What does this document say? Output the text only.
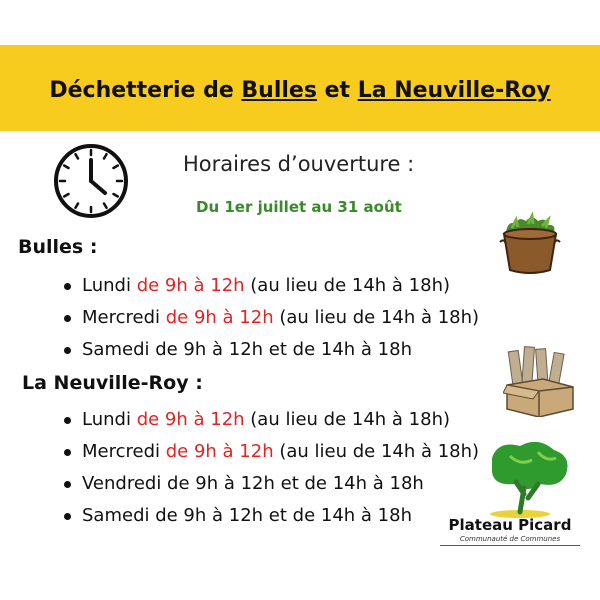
Déchetterie de Bulles et La Neuville-Roy
Horaires d’ouverture :
Du 1er juillet au 31 août
Bulles :
Lundi de 9h à 12h (au lieu de 14h à 18h)
Mercredi de 9h à 12h (au lieu de 14h à 18h)
Samedi de 9h à 12h et de 14h à 18h
La Neuville-Roy :
Lundi de 9h à 12h (au lieu de 14h à 18h)
Mercredi de 9h à 12h (au lieu de 14h à 18h)
Vendredi de 9h à 12h et de 14h à 18h
Samedi de 9h à 12h et de 14h à 18h	Plateau Picard
Communauté de Communes
